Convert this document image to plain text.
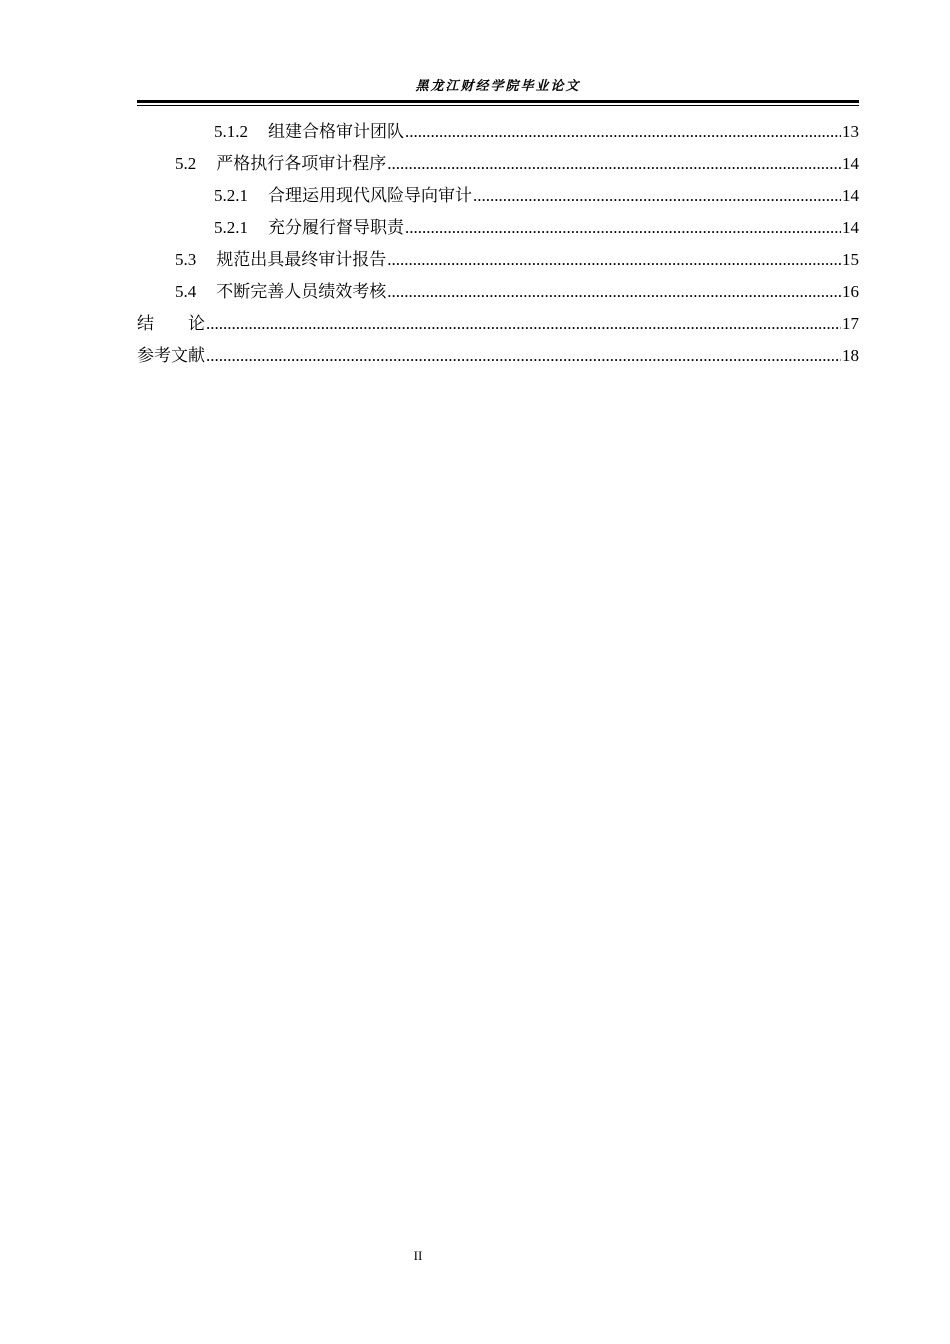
黑龙江财经学院毕业论文
5.1.2 组建合格审计团队 .....	13
5.2 严格执行各项审计程序 .....	14
5.2.1 合理运用现代风险导向审计 .....	14
5.2.1 充分履行督导职责 .....	14
5.3 规范出具最终审计报告 .....	15
5.4 不断完善人员绩效考核 .....	16
结论 .....	17
参考文献 .....	18
II
